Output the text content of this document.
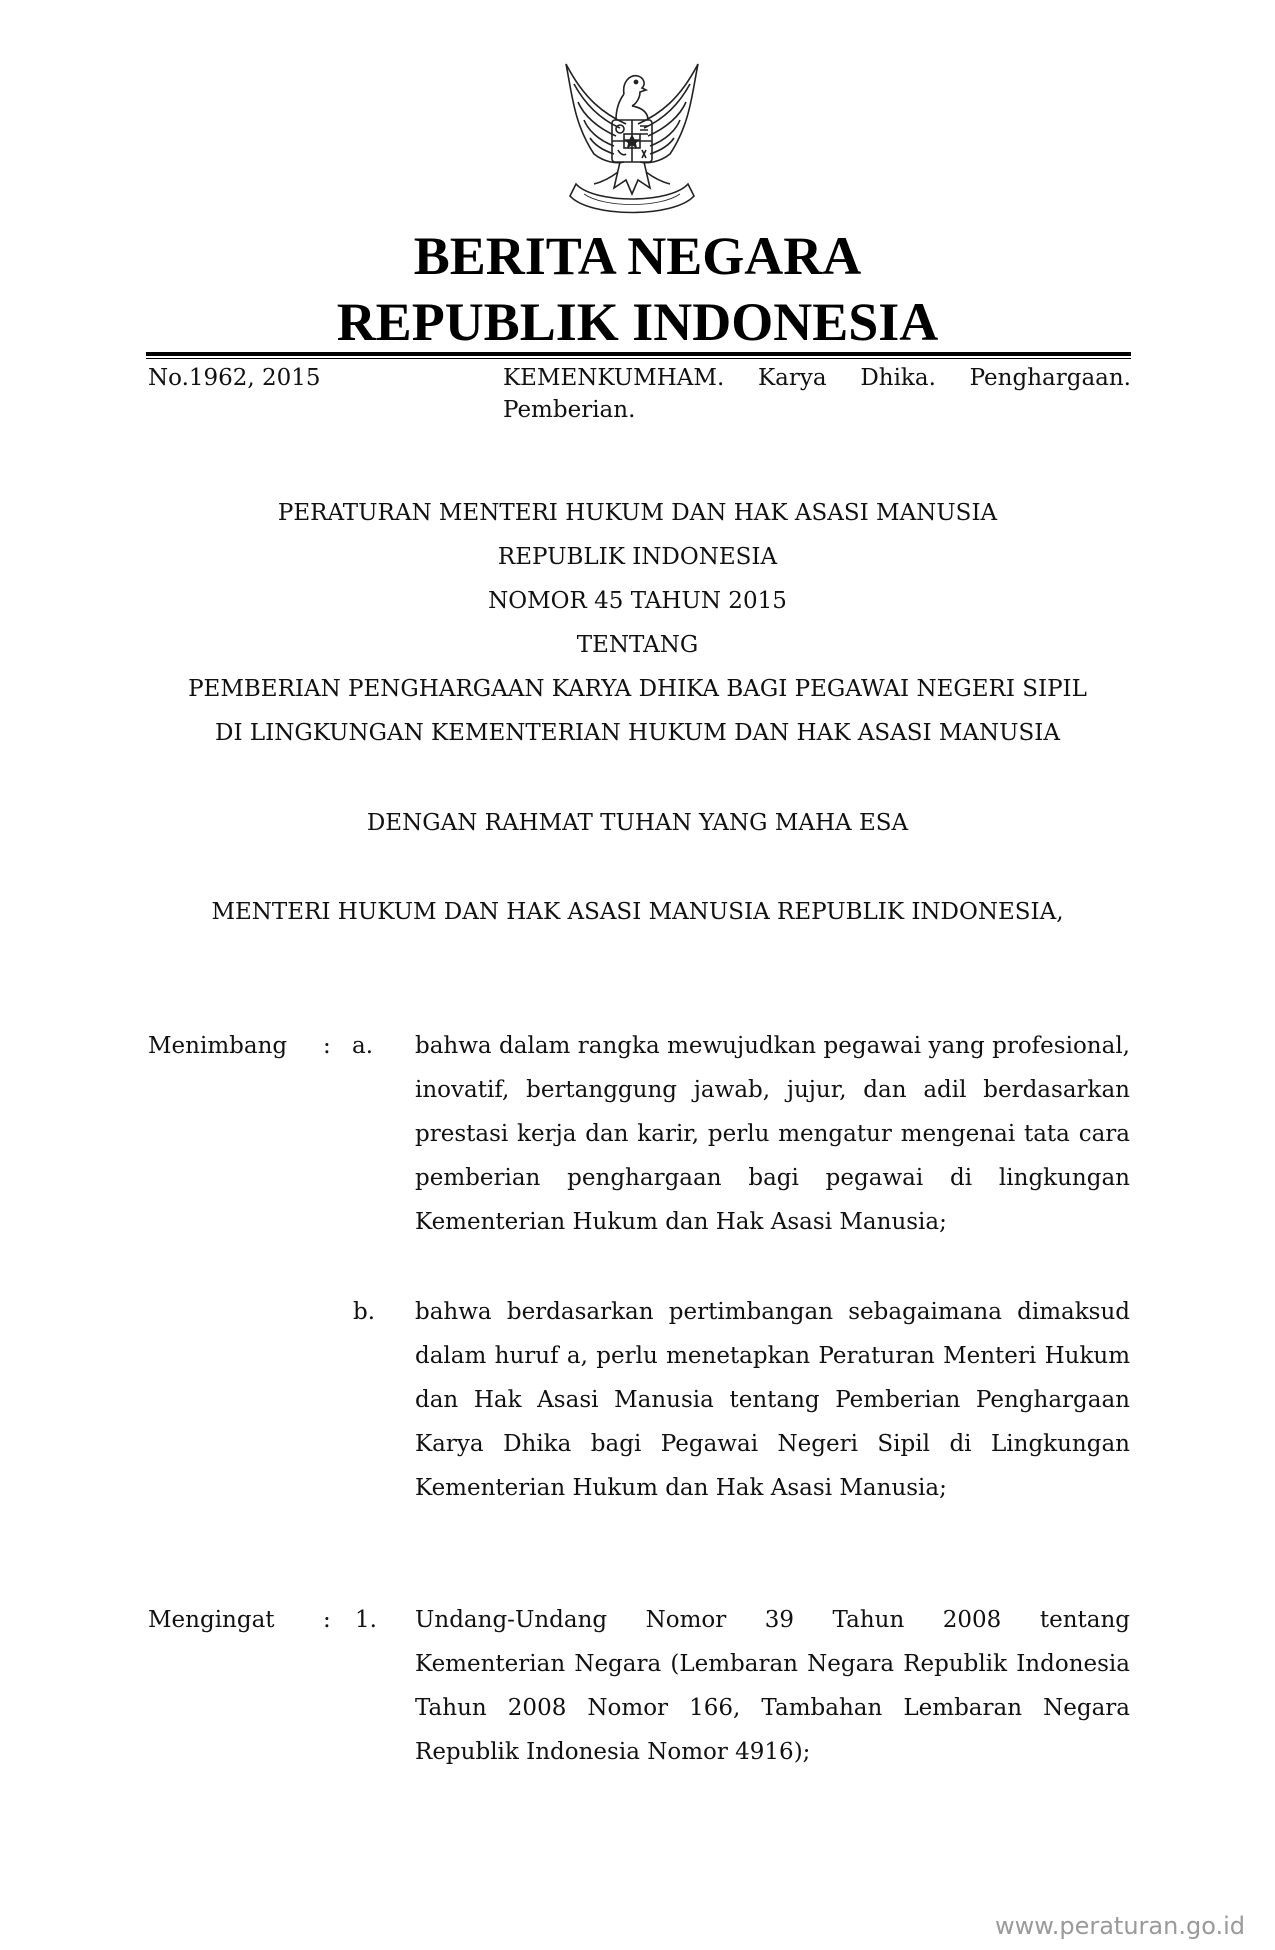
BERITA NEGARA
REPUBLIK INDONESIA
No.1962, 2015	KEMENKUMHAM. Karya Dhika. Penghargaan. Pemberian.
PERATURAN MENTERI HUKUM DAN HAK ASASI MANUSIA
REPUBLIK INDONESIA
NOMOR 45 TAHUN 2015
TENTANG
PEMBERIAN PENGHARGAAN KARYA DHIKA BAGI PEGAWAI NEGERI SIPIL
DI LINGKUNGAN KEMENTERIAN HUKUM DAN HAK ASASI MANUSIA
DENGAN RAHMAT TUHAN YANG MAHA ESA
MENTERI HUKUM DAN HAK ASASI MANUSIA REPUBLIK INDONESIA,
Menimbang : a. bahwa dalam rangka mewujudkan pegawai yang profesional, inovatif, bertanggung jawab, jujur, dan adil berdasarkan prestasi kerja dan karir, perlu mengatur mengenai tata cara pemberian penghargaan bagi pegawai di lingkungan Kementerian Hukum dan Hak Asasi Manusia;

b. bahwa berdasarkan pertimbangan sebagaimana dimaksud dalam huruf a, perlu menetapkan Peraturan Menteri Hukum dan Hak Asasi Manusia tentang Pemberian Penghargaan Karya Dhika bagi Pegawai Negeri Sipil di Lingkungan Kementerian Hukum dan Hak Asasi Manusia;

Mengingat : 1. Undang-Undang Nomor 39 Tahun 2008 tentang Kementerian Negara (Lembaran Negara Republik Indonesia Tahun 2008 Nomor 166, Tambahan Lembaran Negara Republik Indonesia Nomor 4916);

www.peraturan.go.id
